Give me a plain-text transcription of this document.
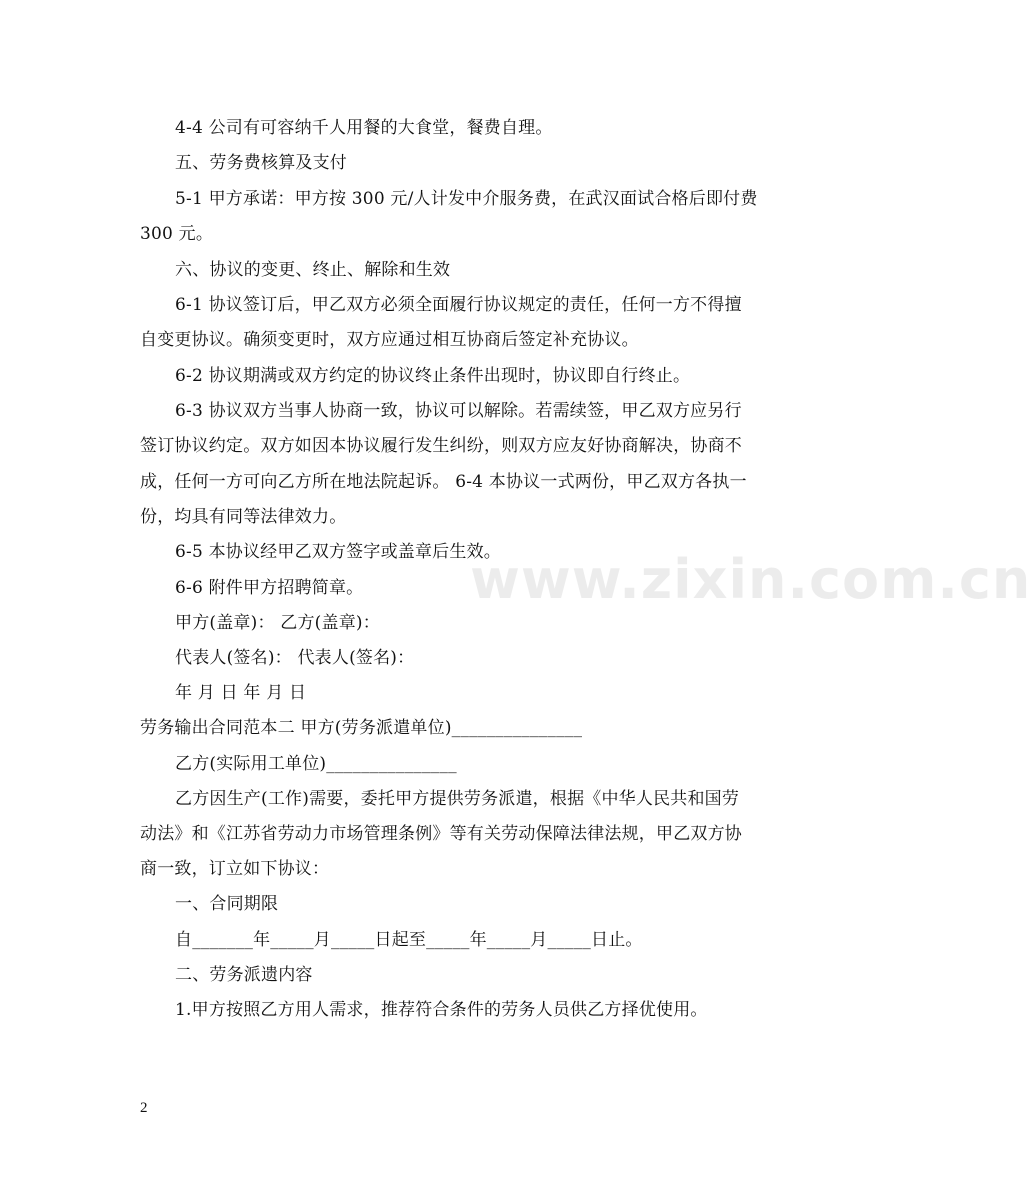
4-4 公司有可容纳千人用餐的大食堂，餐费自理。
五、劳务费核算及支付
5-1 甲方承诺：甲方按 300 元/人计发中介服务费，在武汉面试合格后即付费
300 元。
六、协议的变更、终止、解除和生效
6-1 协议签订后，甲乙双方必须全面履行协议规定的责任，任何一方不得擅
自变更协议。确须变更时，双方应通过相互协商后签定补充协议。
6-2 协议期满或双方约定的协议终止条件出现时，协议即自行终止。
6-3 协议双方当事人协商一致，协议可以解除。若需续签，甲乙双方应另行
签订协议约定。双方如因本协议履行发生纠纷，则双方应友好协商解决，协商不
成，任何一方可向乙方所在地法院起诉。 6-4 本协议一式两份，甲乙双方各执一
份，均具有同等法律效力。
6-5 本协议经甲乙双方签字或盖章后生效。
6-6 附件甲方招聘简章。
甲方(盖章)： 乙方(盖章)：
代表人(签名)： 代表人(签名)：
年 月 日 年 月 日
劳务输出合同范本二 甲方(劳务派遣单位)_______________
乙方(实际用工单位)_______________
乙方因生产(工作)需要，委托甲方提供劳务派遣，根据《中华人民共和国劳
动法》和《江苏省劳动力市场管理条例》等有关劳动保障法律法规，甲乙双方协
商一致，订立如下协议：
一、合同期限
自_______年_____月_____日起至_____年_____月_____日止。
二、劳务派遗内容
1.甲方按照乙方用人需求，推荐符合条件的劳务人员供乙方择优使用。
www.zixin.com.cn
2
